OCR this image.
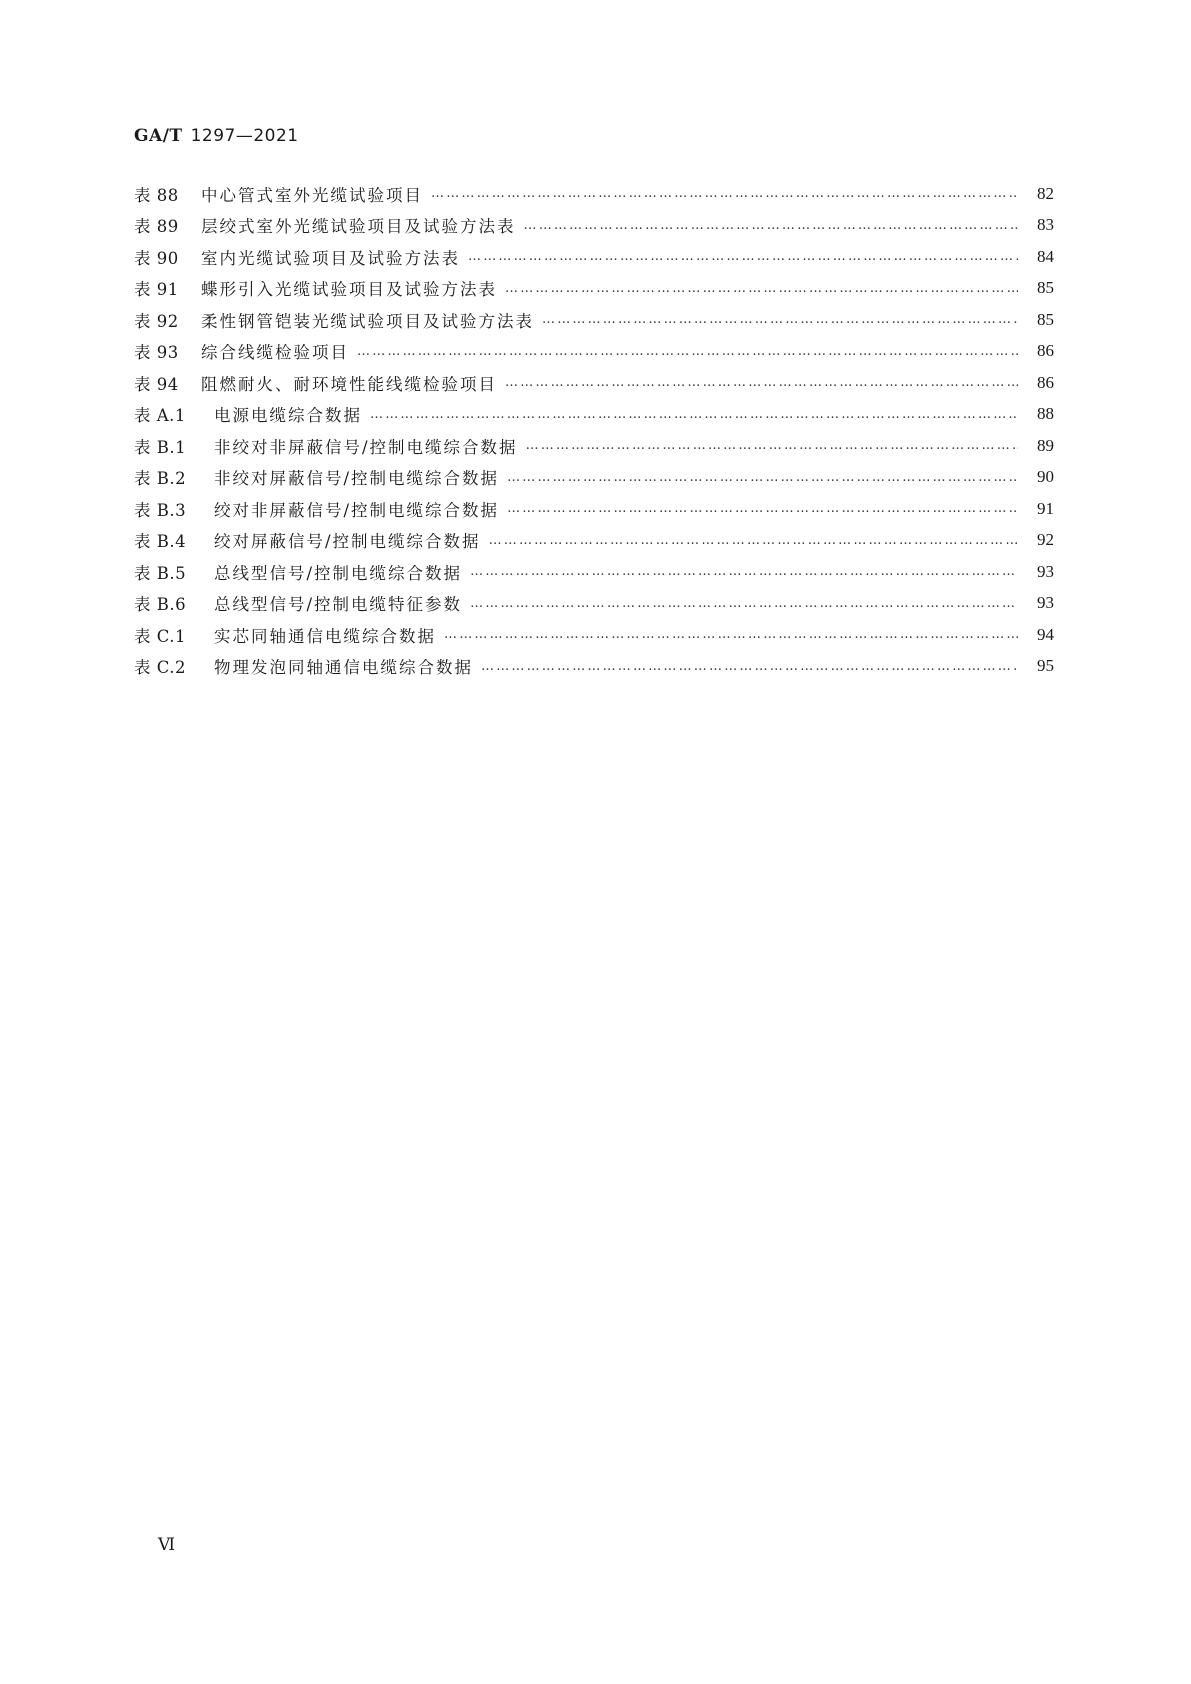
GA/T 1297—2021
表 88	中心管式室外光缆试验项目 …………………………………………………………………………………………………………………………………………	82
表 89	层绞式室外光缆试验项目及试验方法表 …………………………………………………………………………………………………………………………………………	83
表 90	室内光缆试验项目及试验方法表 …………………………………………………………………………………………………………………………………………	84
表 91	蝶形引入光缆试验项目及试验方法表 …………………………………………………………………………………………………………………………………………	85
表 92	柔性钢管铠装光缆试验项目及试验方法表 …………………………………………………………………………………………………………………………………………	85
表 93	综合线缆检验项目 …………………………………………………………………………………………………………………………………………	86
表 94	阻燃耐火、耐环境性能线缆检验项目 …………………………………………………………………………………………………………………………………………	86
表 A.1	电源电缆综合数据 …………………………………………………………………………………………………………………………………………	88
表 B.1	非绞对非屏蔽信号/控制电缆综合数据 …………………………………………………………………………………………………………………………………………	89
表 B.2	非绞对屏蔽信号/控制电缆综合数据 …………………………………………………………………………………………………………………………………………	90
表 B.3	绞对非屏蔽信号/控制电缆综合数据 …………………………………………………………………………………………………………………………………………	91
表 B.4	绞对屏蔽信号/控制电缆综合数据 …………………………………………………………………………………………………………………………………………	92
表 B.5	总线型信号/控制电缆综合数据 …………………………………………………………………………………………………………………………………………	93
表 B.6	总线型信号/控制电缆特征参数 …………………………………………………………………………………………………………………………………………	93
表 C.1	实芯同轴通信电缆综合数据 …………………………………………………………………………………………………………………………………………	94
表 C.2	物理发泡同轴通信电缆综合数据 …………………………………………………………………………………………………………………………………………	95
Ⅵ
